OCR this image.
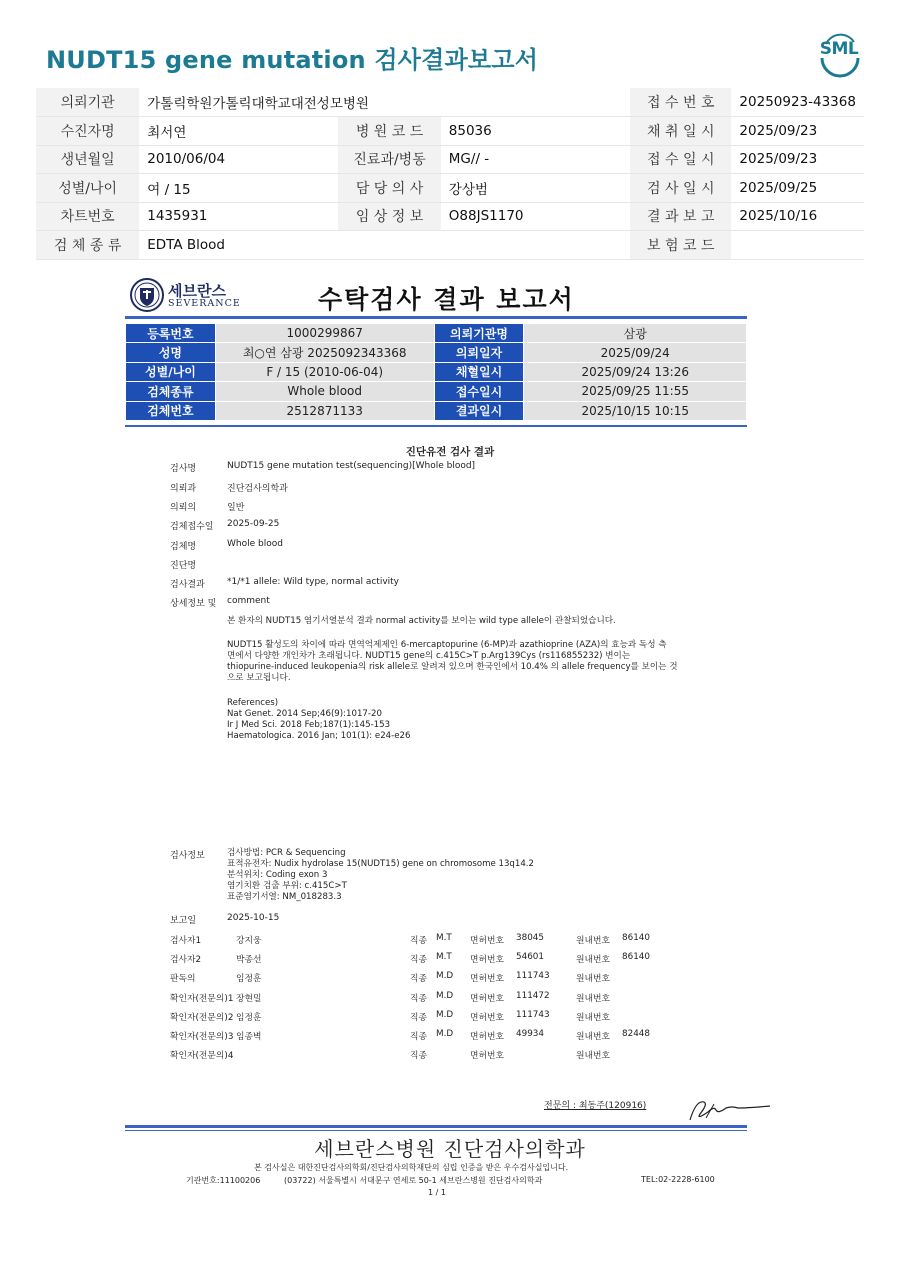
NUDT15 gene mutation 검사결과보고서	SML
의뢰기관	가톨릭학원가톨릭대학교대전성모병원			접 수 번 호	20250923-43368
수진자명	최서연	병 원 코 드	85036	채 취 일 시	2025/09/23
생년월일	2010/06/04	진료과/병동	MG// -	접 수 일 시	2025/09/23
성별/나이	여 / 15	담 당 의 사	강상범	검 사 일 시	2025/09/25
차트번호	1435931	임 상 정 보	O88JS1170	결 과 보 고	2025/10/16
검 체 종 류	EDTA Blood			보 험 코 드	
세브란스
SEVERANCE	수탁검사 결과 보고서
등록번호	1000299867	의뢰기관명	삼광
성명	최○연 삼광 2025092343368	의뢰일자	2025/09/24
성별/나이	F / 15 (2010-06-04)	채혈일시	2025/09/24 13:26
검체종류	Whole blood	접수일시	2025/09/25 11:55
검체번호	2512871133	결과일시	2025/10/15 10:15
진단유전 검사 결과
검사명	NUDT15 gene mutation test(sequencing)[Whole blood]
의뢰과	진단검사의학과
의뢰의	일반
검체접수일 2025-09-25
검체명	Whole blood
진단명
검사결과 *1/*1 allele: Wild type, normal activity
상세정보 및 comment
본 환자의 NUDT15 염기서열분석 결과 normal activity를 보이는 wild type allele이 관찰되었습니다.
NUDT15 활성도의 차이에 따라 면역억제제인 6-mercaptopurine (6-MP)과 azathioprine (AZA)의 효능과 독성 측
면에서 다양한 개인차가 초래됩니다. NUDT15 gene의 c.415C>T p.Arg139Cys (rs116855232) 변이는
thiopurine-induced leukopenia의 risk allele로 알려져 있으며 한국인에서 10.4% 의 allele frequency를 보이는 것
으로 보고됩니다.
References)
Nat Genet. 2014 Sep;46(9):1017-20
Ir J Med Sci. 2018 Feb;187(1):145-153
Haematologica. 2016 Jan; 101(1): e24-e26
검사정보	검사방법: PCR & Sequencing
표적유전자: Nudix hydrolase 15(NUDT15) gene on chromosome 13q14.2
분석위치: Coding exon 3
염기치환 검출 부위: c.415C>T
표준염기서열: NM_018283.3
보고일	2025-10-15
검사자1	강지웅	직종 M.T 면허번호 38045	원내번호 86140
검사자2	박종선	직종 M.T 면허번호 54601	원내번호 86140
판독의	임정훈	직종 M.D 면허번호 111743	원내번호
확인자(전문의)1 장현밀	직종 M.D 면허번호 111472	원내번호
확인자(전문의)2 임정훈	직종 M.D 면허번호 111743	원내번호
확인자(전문의)3 임종벽	직종 M.D 면허번호 49934	원내번호 82448
확인자(전문의)4	직종	면허번호	원내번호
전문의 : 최동주(120916)
세브란스병원 진단검사의학과
본 검사실은 대한진단검사의학회/진단검사의학재단의 심립 인증을 받은 우수검사실입니다.
기관번호:11100206	(03722) 서울특별시 서대문구 연세로 50-1 세브란스병원 진단검사의학과	TEL:02-2228-6100
1 / 1
